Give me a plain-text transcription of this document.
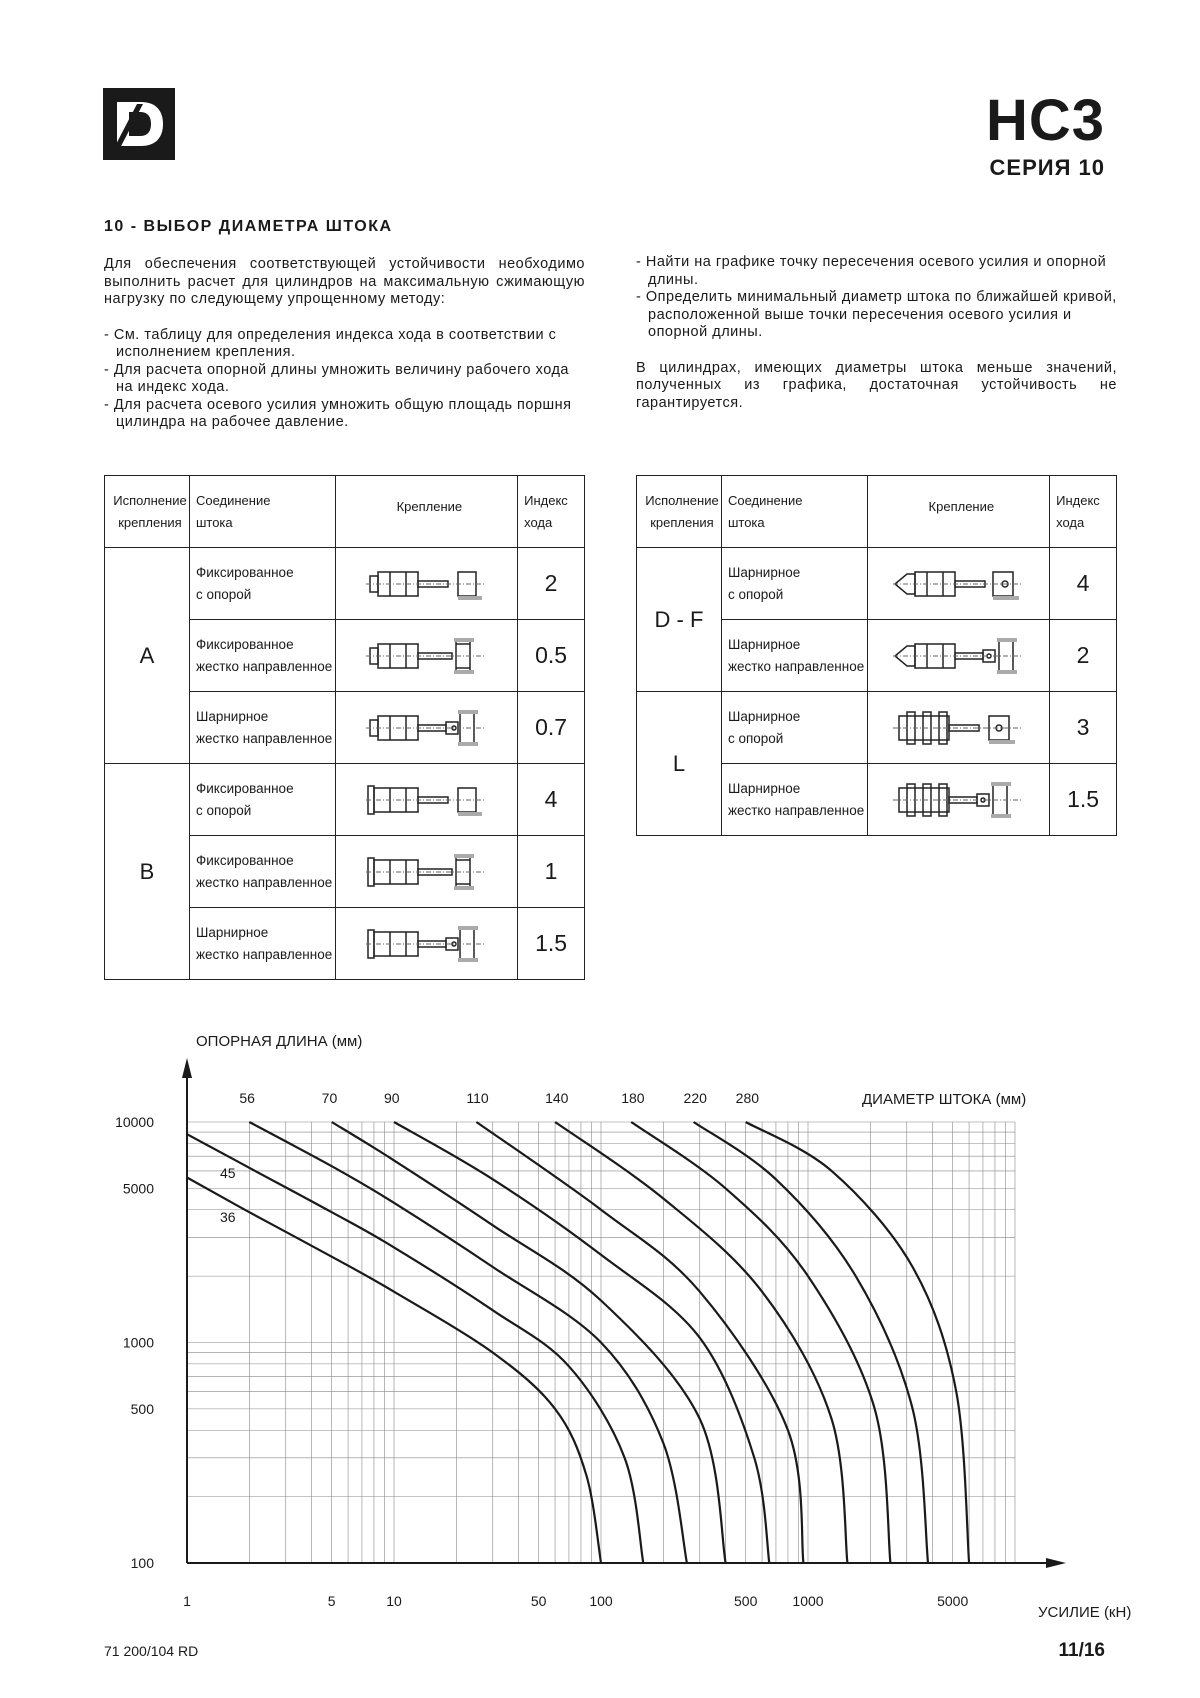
HC3
СЕРИЯ 10
10 - ВЫБОР ДИАМЕТРА ШТОКА

Для обеспечения соответствующей устойчивости необходимо выполнить расчет для цилиндров на максимальную сжимающую нагрузку по следующему упрощенному методу:

- См. таблицу для определения индекса хода в соответствии с исполнением крепления.

- Для расчета опорной длины умножить величину рабочего хода на индекс хода.

- Для расчета осевого усилия умножить общую площадь поршня цилиндра на рабочее давление.

- Найти на графике точку пересечения осевого усилия и опорной длины.

- Определить минимальный диаметр штока по ближайшей кривой, расположенной выше точки пересечения осевого усилия и опорной длины.

В цилиндрах, имеющих диаметры штока меньше значений, полученных из графика, достаточная устойчивость не гарантируется.

Исполнение
крепления	Соединение
штока	Крепление	Индекс
хода
A	Фиксированное
с опорой		2
	Фиксированное
жестко направленное		0.5
	Шарнирное
жестко направленное		0.7
B	Фиксированное
с опорой		4
	Фиксированное
жестко направленное		1
	Шарнирное
жестко направленное		1.5
Исполнение
крепления	Соединение
штока	Крепление	Индекс
хода
D - F	Шарнирное
с опорой		4
	Шарнирное
жестко направленное		2
L	Шарнирное
с опорой		3
	Шарнирное
жестко направленное		1.5
1	5	10	50	100	500	1000	5000
100
500
1000
5000
10000
36
45
56	70	90	110	140	180	220 280
ОПОРНАЯ ДЛИНА (мм)
ДИАМЕТР ШТОКА (мм)
УСИЛИЕ (кН)
71 200/104 RD	11/16
